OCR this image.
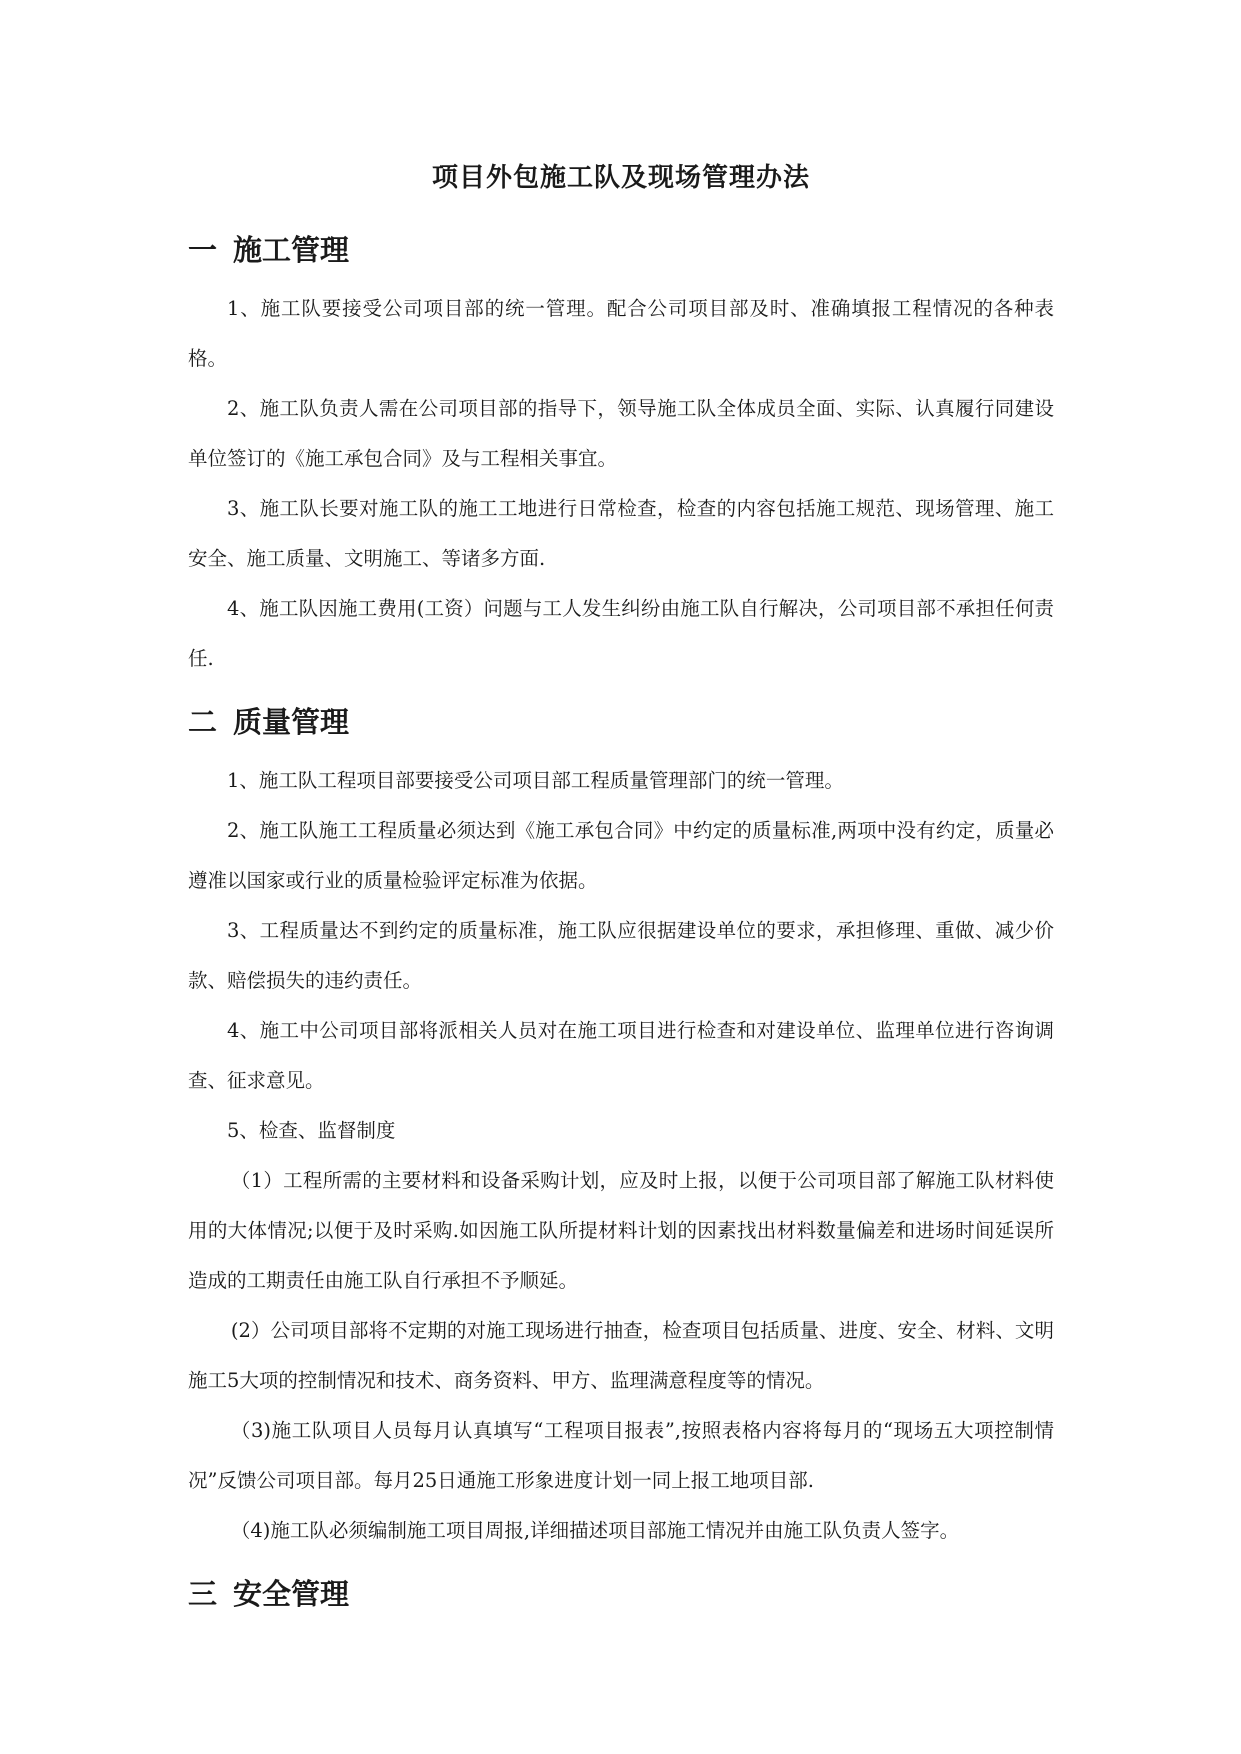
项目外包施工队及现场管理办法
一 施工管理

1、施工队要接受公司项目部的统一管理。配合公司项目部及时、准确填报工程情况的各种表格。

2、施工队负责人需在公司项目部的指导下，领导施工队全体成员全面、实际、认真履行同建设单位签订的《施工承包合同》及与工程相关事宜。

3、施工队长要对施工队的施工工地进行日常检查，检查的内容包括施工规范、现场管理、施工安全、施工质量、文明施工、等诸多方面.

4、施工队因施工费用(工资）问题与工人发生纠纷由施工队自行解决，公司项目部不承担任何责任.

二 质量管理

1、施工队工程项目部要接受公司项目部工程质量管理部门的统一管理。

2、施工队施工工程质量必须达到《施工承包合同》中约定的质量标准,两项中没有约定，质量必遵准以国家或行业的质量检验评定标准为依据。

3、工程质量达不到约定的质量标准，施工队应很据建设单位的要求，承担修理、重做、减少价款、赔偿损失的违约责任。

4、施工中公司项目部将派相关人员对在施工项目进行检查和对建设单位、监理单位进行咨询调查、征求意见。

5、检查、监督制度

（1）工程所需的主要材料和设备采购计划，应及时上报，以便于公司项目部了解施工队材料使用的大体情况;以便于及时采购.如因施工队所提材料计划的因素找出材料数量偏差和进场时间延误所造成的工期责任由施工队自行承担不予顺延。

(2）公司项目部将不定期的对施工现场进行抽查，检查项目包括质量、进度、安全、材料、文明施工5大项的控制情况和技术、商务资料、甲方、监理满意程度等的情况。

（3)施工队项目人员每月认真填写“工程项目报表”,按照表格内容将每月的“现场五大项控制情况”反馈公司项目部。每月25日通施工形象进度计划一同上报工地项目部.

（4)施工队必须编制施工项目周报,详细描述项目部施工情况并由施工队负责人签字。

三 安全管理
